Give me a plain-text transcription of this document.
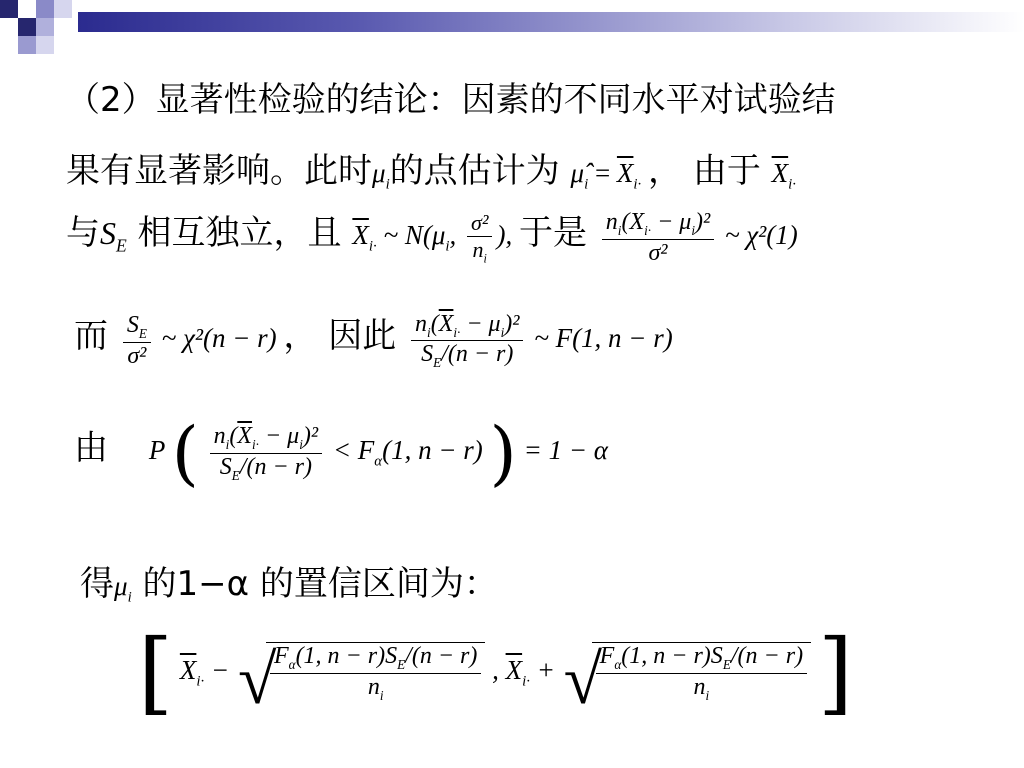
（2）显著性检验的结论：因素的不同水平对试验结
果有显著影响。此时$\mu_i$的点估计为 $\mû_i = \overline{X}_{i\cdot}$ ， 由于 $\overline{X}_{i\cdot}$
与$S_E$ 相互独立，且 $\overline{X}_{i\cdot}$ ~ $N(\mu_i$, $\frac{\text{σ²}}{n_i}$ ), 于是 $\frac{n_i(X_{i\cdot} - \mu_i)^2}{\text{σ²}}$ ~ χ²(1)
而 $\frac{S_E}{\text{σ²}}$ ~ χ²(n − r) ， 因此 $\frac{n_i(\overline{X}_{i\cdot} - \mu_i)^2}{S_E/(n - r)}$ ~ F(1, n − r)
由 P ( $\frac{n_i(\overline{X}_{i\cdot} - \mu_i)^2}{S_E/(n - r)} < F_\alpha(1$, n − r) ) = 1 − α
得$\mu_i$ 的1−α 的置信区间为：
[ $\overline{X}_{i\cdot}$ − √
$\frac{F_\alpha(1, n - r)S_E/(n - r)}{n_i}$ , $\overline{X}_{i\cdot}$ + √
$\frac{F_\alpha(1, n - r)S_E/(n - r)}{n_i}$ ]
